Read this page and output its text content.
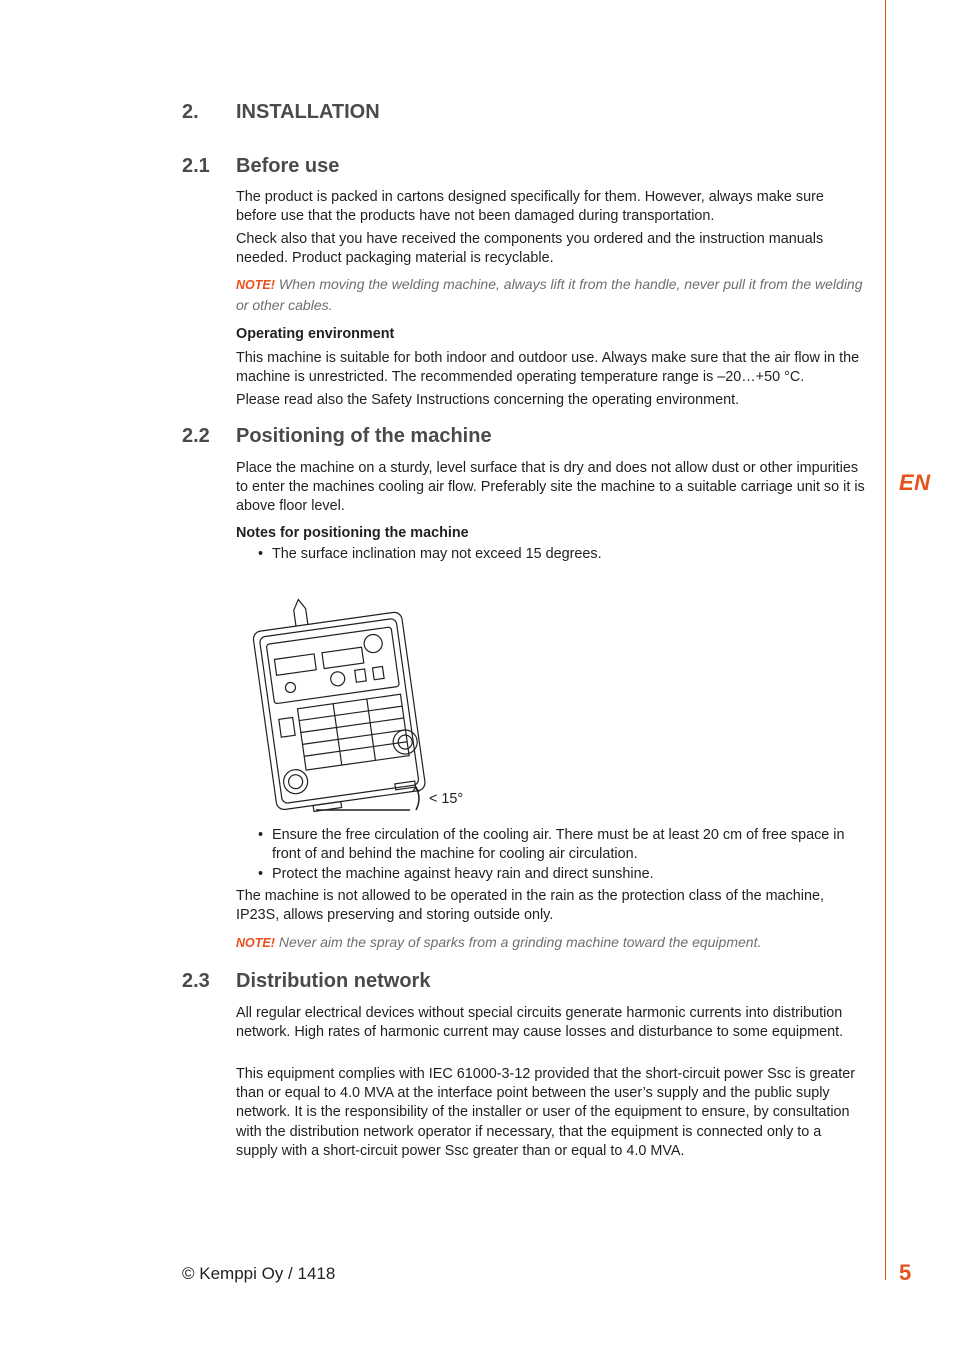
EN
5
2. INSTALLATION
2.1 Before use

The product is packed in cartons designed specifically for them. However, always make sure before use that the products have not been damaged during transportation.

Check also that you have received the components you ordered and the instruction manuals needed. Product packaging material is recyclable.

NOTE! When moving the welding machine, always lift it from the handle, never pull it from the welding or other cables.

Operating environment

This machine is suitable for both indoor and outdoor use. Always make sure that the air flow in the machine is unrestricted. The recommended operating temperature range is –20…+50 °C.

Please read also the Safety Instructions concerning the operating environment.

2.2 Positioning of the machine

Place the machine on a sturdy, level surface that is dry and does not allow dust or other impurities to enter the machines cooling air flow. Preferably site the machine to a suitable carriage unit so it is above floor level.

Notes for positioning the machine

• The surface inclination may not exceed 15 degrees.

< 15°

• Ensure the free circulation of the cooling air. There must be at least 20 cm of free space in front of and behind the machine for cooling air circulation.

• Protect the machine against heavy rain and direct sunshine.

The machine is not allowed to be operated in the rain as the protection class of the machine, IP23S, allows preserving and storing outside only.

NOTE! Never aim the spray of sparks from a grinding machine toward the equipment.

2.3 Distribution network

All regular electrical devices without special circuits generate harmonic currents into distribution network. High rates of harmonic current may cause losses and disturbance to some equipment.

This equipment complies with IEC 61000-3-12 provided that the short-circuit power Ssc is greater than or equal to 4.0 MVA at the interface point between the user’s supply and the public suply network. It is the responsibility of the installer or user of the equipment to ensure, by consultation with the distribution network operator if necessary, that the equipment is connected only to a supply with a short-circuit power Ssc greater than or equal to 4.0 MVA.

© Kemppi Oy / 1418
